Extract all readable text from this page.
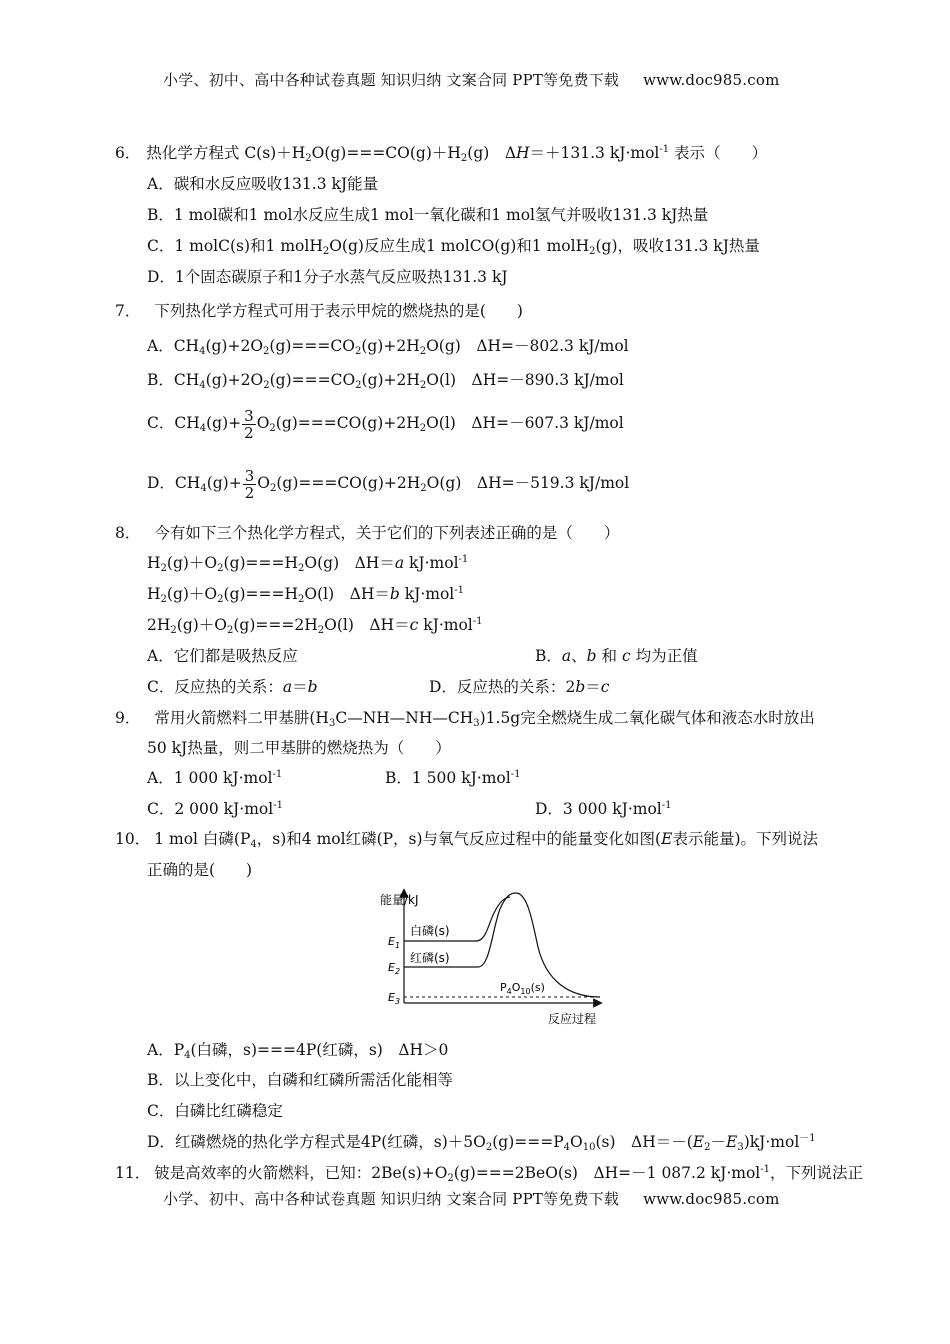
小学、初中、高中各种试卷真题 知识归纳 文案合同 PPT等免费下载 www.doc985.com
6． 热化学方程式 $C(s)+H_2O(g)===CO(g)+H_2(g)$　ΔH＝＋131.3 kJ·mol$^{-1}$ 表示（　　）
A．碳和水反应吸收131.3 kJ能量
B．1 mol碳和1 mol水反应生成1 mol一氧化碳和1 mol氢气并吸收131.3 kJ热量
C．1 molC(s)和1 molH$_2$O(g)反应生成1 molCO(g)和1 molH$_2$(g)，吸收131.3 kJ热量
D．1个固态碳原子和1分子水蒸气反应吸热131.3 kJ
7． 下列热化学方程式可用于表示甲烷的燃烧热的是(　　)
A．$CH_4(g)+2O_2(g)===CO_2(g)+2H_2O(g)$　ΔH=－802.3 kJ/mol
B．$CH_4(g)+2O_2(g)===CO_2(g)+2H_2O(l)$　ΔH=－890.3 kJ/mol
C．$CH_4(g)+ \frac{3}{2} O_2(g)===CO(g)+2H_2O(l)$　ΔH=－607.3 kJ/mol
D．$CH_4(g)+ \frac{3}{2} O_2(g)===CO(g)+2H_2O(g)$　ΔH=－519.3 kJ/mol
8． 今有如下三个热化学方程式，关于它们的下列表述正确的是（　　）
$H_2(g)+O_2(g)===H_2O(g)$　ΔH＝a kJ·mol$^{-1}$
$H_2(g)+O_2(g)===H_2O(l)$　ΔH＝b kJ·mol$^{-1}$
$2H_2(g)+O_2(g)===2H_2O(l)$　ΔH＝c kJ·mol$^{-1}$
A．它们都是吸热反应	B．a、b 和 c 均为正值
C．反应热的关系：a＝b	D．反应热的关系：2b＝c
9． 常用火箭燃料二甲基肼$(H_3C—NH—NH—CH_3)1.5g$完全燃烧生成二氧化碳气体和液态水时放出
50 kJ热量，则二甲基肼的燃烧热为（　　）
A．1 000 kJ·mol$^{-1}$	B．1 500 kJ·mol$^{-1}$
C．2 000 kJ·mol$^{-1}$	D．3 000 kJ·mol$^{-1}$
10． 1 mol 白磷($P_4$，s)和4 mol红磷(P，s)与氧气反应过程中的能量变化如图(E表示能量)。下列说法
正确的是(　　)
能量/kJ
反应过程
$E_1$
$E_2$
$E_3$
白磷(s)
红磷(s)
$P_4O_{10}(s)$
A．$P_4$(白磷，s)===4P(红磷，s)　ΔH＞0
B．以上变化中，白磷和红磷所需活化能相等
C．白磷比红磷稳定
D．红磷燃烧的热化学方程式是4P(红磷，$s)+5O_2(g)===P_4O_{10}(s)$　$\Delta H=-(E_2-E_3)kJ\cdot mol^{-1}$
11． 铍是高效率的火箭燃料，已知：$2Be(s)+O_2(g)===2BeO(s)$　ΔH=－1 087.2 kJ·mol$^{-1}$，下列说法正
小学、初中、高中各种试卷真题 知识归纳 文案合同 PPT等免费下载 www.doc985.com
